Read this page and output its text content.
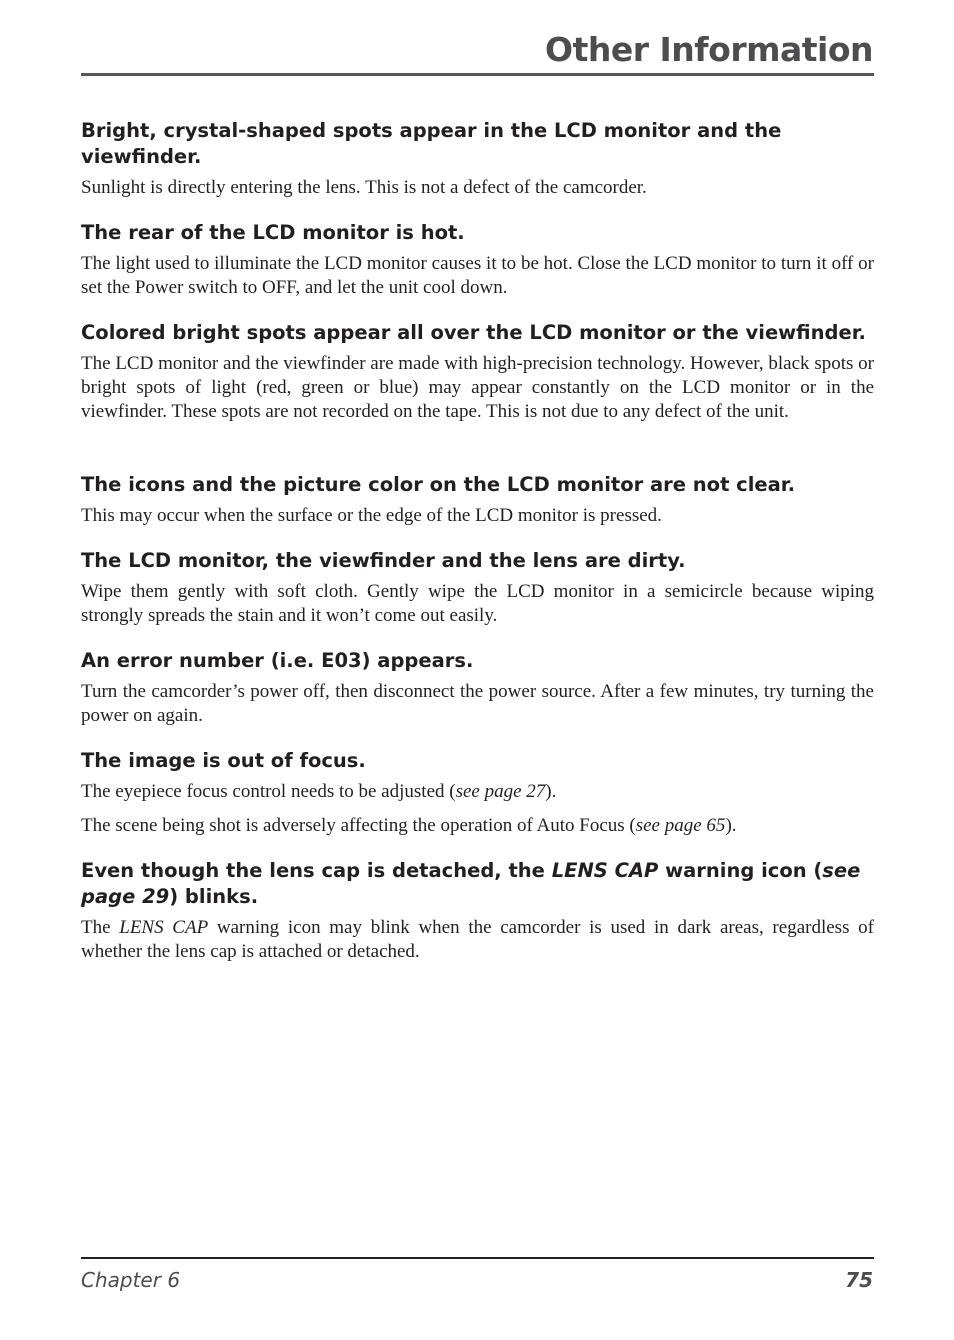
Other Information

Bright, crystal-shaped spots appear in the LCD monitor and the viewfinder.

Sunlight is directly entering the lens. This is not a defect of the camcorder.

The rear of the LCD monitor is hot.

The light used to illuminate the LCD monitor causes it to be hot. Close the LCD monitor to turn it off or set the Power switch to OFF, and let the unit cool down.

Colored bright spots appear all over the LCD monitor or the viewfinder.

The LCD monitor and the viewfinder are made with high-precision technology. However, black spots or bright spots of light (red, green or blue) may appear constantly on the LCD monitor or in the viewfinder. These spots are not recorded on the tape. This is not due to any defect of the unit.

The icons and the picture color on the LCD monitor are not clear.

This may occur when the surface or the edge of the LCD monitor is pressed.

The LCD monitor, the viewfinder and the lens are dirty.

Wipe them gently with soft cloth. Gently wipe the LCD monitor in a semicircle because wiping strongly spreads the stain and it won’t come out easily.

An error number (i.e. E03) appears.

Turn the camcorder’s power off, then disconnect the power source. After a few minutes, try turning the power on again.

The image is out of focus.

The eyepiece focus control needs to be adjusted (see page 27).

The scene being shot is adversely affecting the operation of Auto Focus (see page 65).

Even though the lens cap is detached, the LENS CAP warning icon (see page 29) blinks.

The LENS CAP warning icon may blink when the camcorder is used in dark areas, regardless of whether the lens cap is attached or detached.

Chapter 6	75
